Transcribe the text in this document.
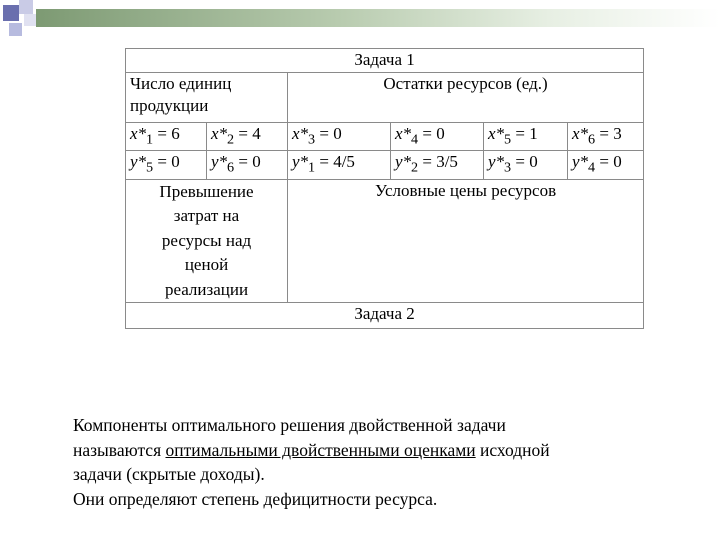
Задача 1					
Число единиц продукции		Остатки ресурсов (ед.)			
$x*_1 = 6$	$x*_2 = 4$	$x*_3 = 0$	$x*_4 = 0$	$x*_5 = 1$	$x*_6 = 3$
$y*_5 = 0$	$y*_6 = 0$	$y*_1 = 4/5$	$y*_2 = 3/5$	$y*_3 = 0$	$y*_4 = 0$
Превышение затрат на ресурсы над ценой реализации		Условные цены ресурсов			
Задача 2					

Компоненты оптимального решения двойственной задачи

называются оптимальными двойственными оценками исходной

задачи (скрытые доходы).

Они определяют степень дефицитности ресурса.
